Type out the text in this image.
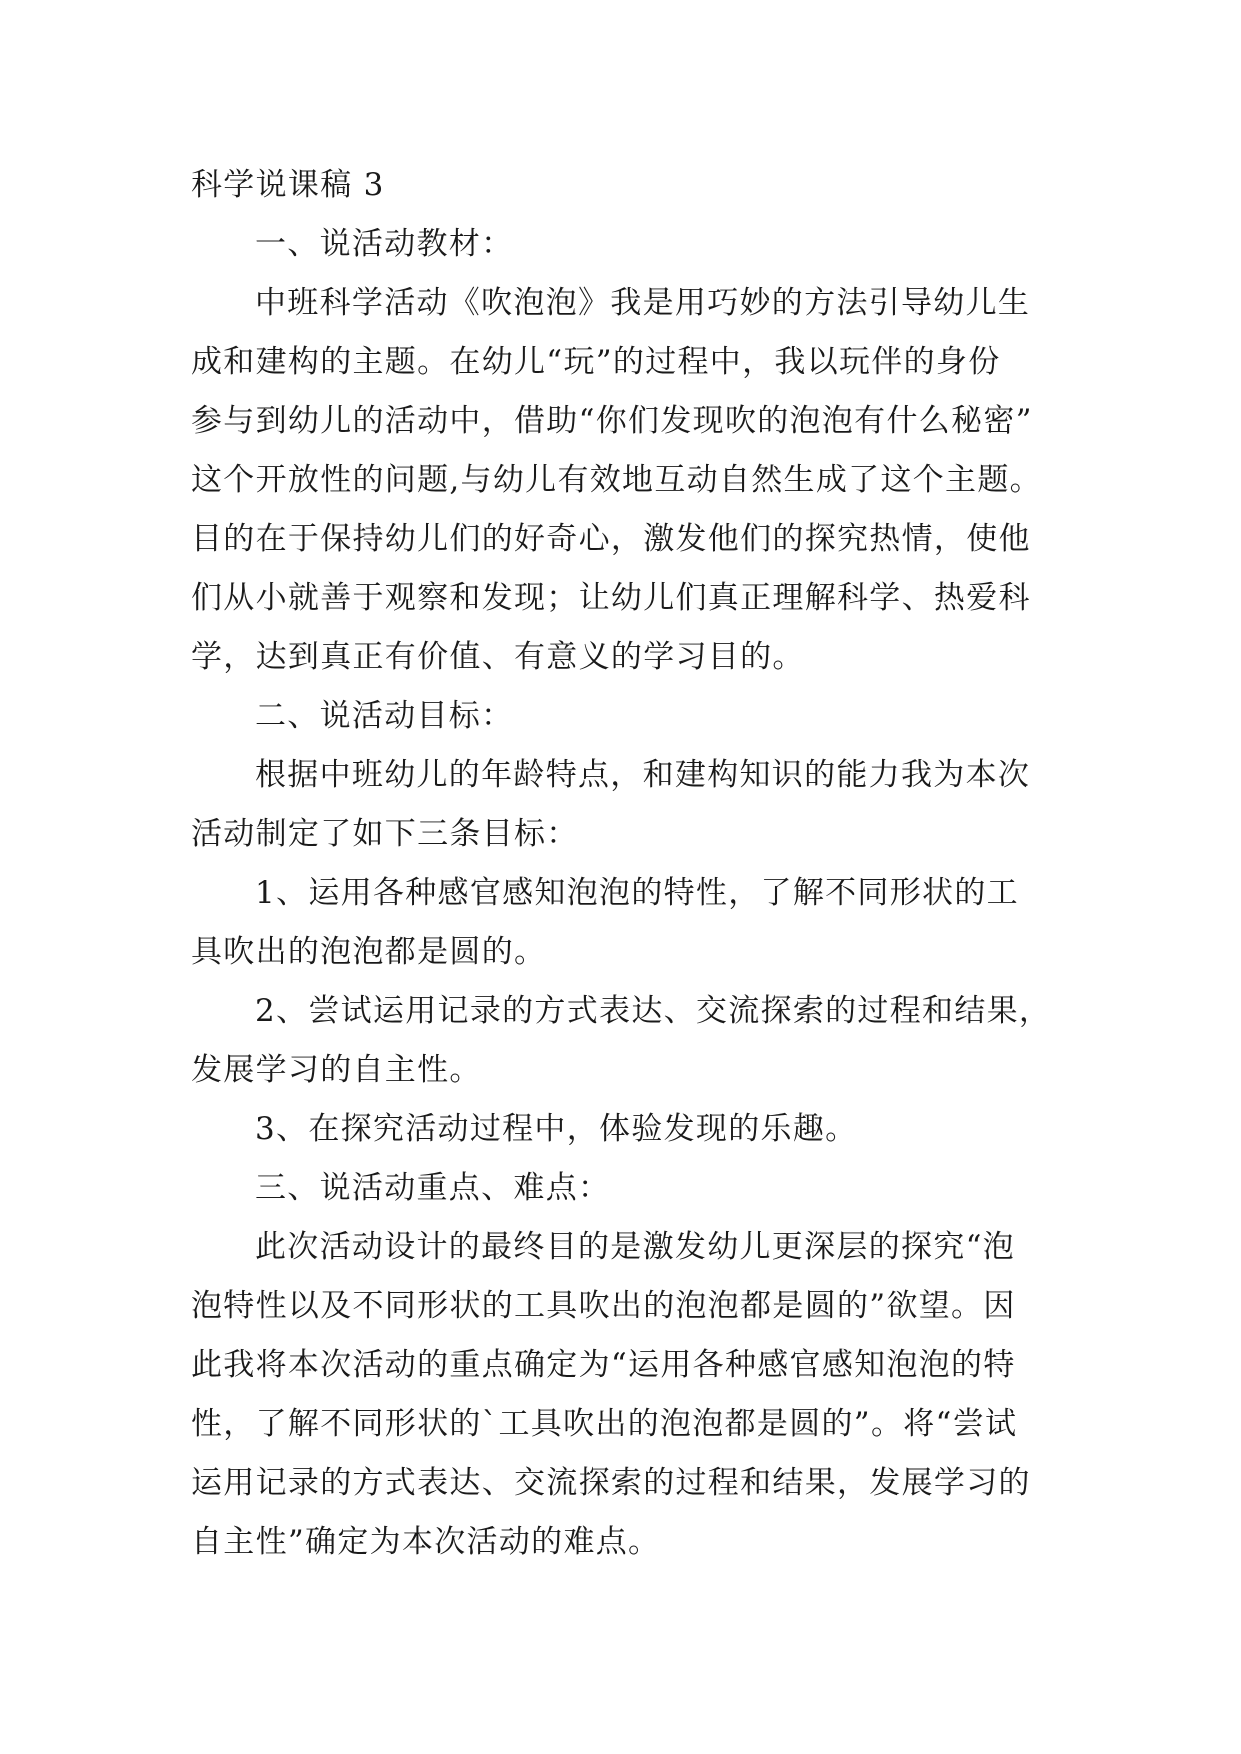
科学说课稿 3
一、说活动教材：
中班科学活动《吹泡泡》我是用巧妙的方法引导幼儿生
成和建构的主题。在幼儿“玩”的过程中，我以玩伴的身份
参与到幼儿的活动中，借助“你们发现吹的泡泡有什么秘密”
这个开放性的问题,与幼儿有效地互动自然生成了这个主题。
目的在于保持幼儿们的好奇心，激发他们的探究热情，使他
们从小就善于观察和发现；让幼儿们真正理解科学、热爱科
学，达到真正有价值、有意义的学习目的。
二、说活动目标：
根据中班幼儿的年龄特点，和建构知识的能力我为本次
活动制定了如下三条目标：
1、运用各种感官感知泡泡的特性，了解不同形状的工
具吹出的泡泡都是圆的。
2、尝试运用记录的方式表达、交流探索的过程和结果，
发展学习的自主性。
3、在探究活动过程中，体验发现的乐趣。
三、说活动重点、难点：
此次活动设计的最终目的是激发幼儿更深层的探究“泡
泡特性以及不同形状的工具吹出的泡泡都是圆的”欲望。因
此我将本次活动的重点确定为“运用各种感官感知泡泡的特
性，了解不同形状的`工具吹出的泡泡都是圆的”。将“尝试
运用记录的方式表达、交流探索的过程和结果，发展学习的
自主性”确定为本次活动的难点。
